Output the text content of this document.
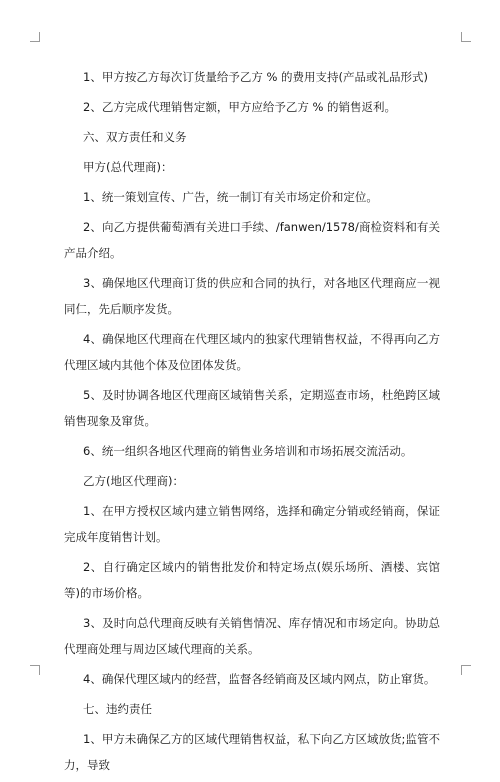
1、甲方按乙方每次订货量给予乙方 % 的费用支持(产品或礼品形式)

2、乙方完成代理销售定额，甲方应给予乙方 % 的销售返利。

六、双方责任和义务

甲方(总代理商)：

1、统一策划宣传、广告，统一制订有关市场定价和定位。

2、向乙方提供葡萄酒有关进口手续、/fanwen/1578/商检资料和有关产品介绍。

3、确保地区代理商订货的供应和合同的执行，对各地区代理商应一视同仁，先后顺序发货。

4、确保地区代理商在代理区域内的独家代理销售权益，不得再向乙方代理区域内其他个体及位团体发货。

5、及时协调各地区代理商区域销售关系，定期巡查市场，杜绝跨区域销售现象及窜货。

6、统一组织各地区代理商的销售业务培训和市场拓展交流活动。

乙方(地区代理商)：

1、在甲方授权区域内建立销售网络，选择和确定分销或经销商，保证完成年度销售计划。

2、自行确定区域内的销售批发价和特定场点(娱乐场所、酒楼、宾馆等)的市场价格。

3、及时向总代理商反映有关销售情况、库存情况和市场定向。协助总代理商处理与周边区域代理商的关系。

4、确保代理区域内的经营，监督各经销商及区域内网点，防止窜货。

七、违约责任

1、甲方未确保乙方的区域代理销售权益，私下向乙方区域放货;监管不力，导致
